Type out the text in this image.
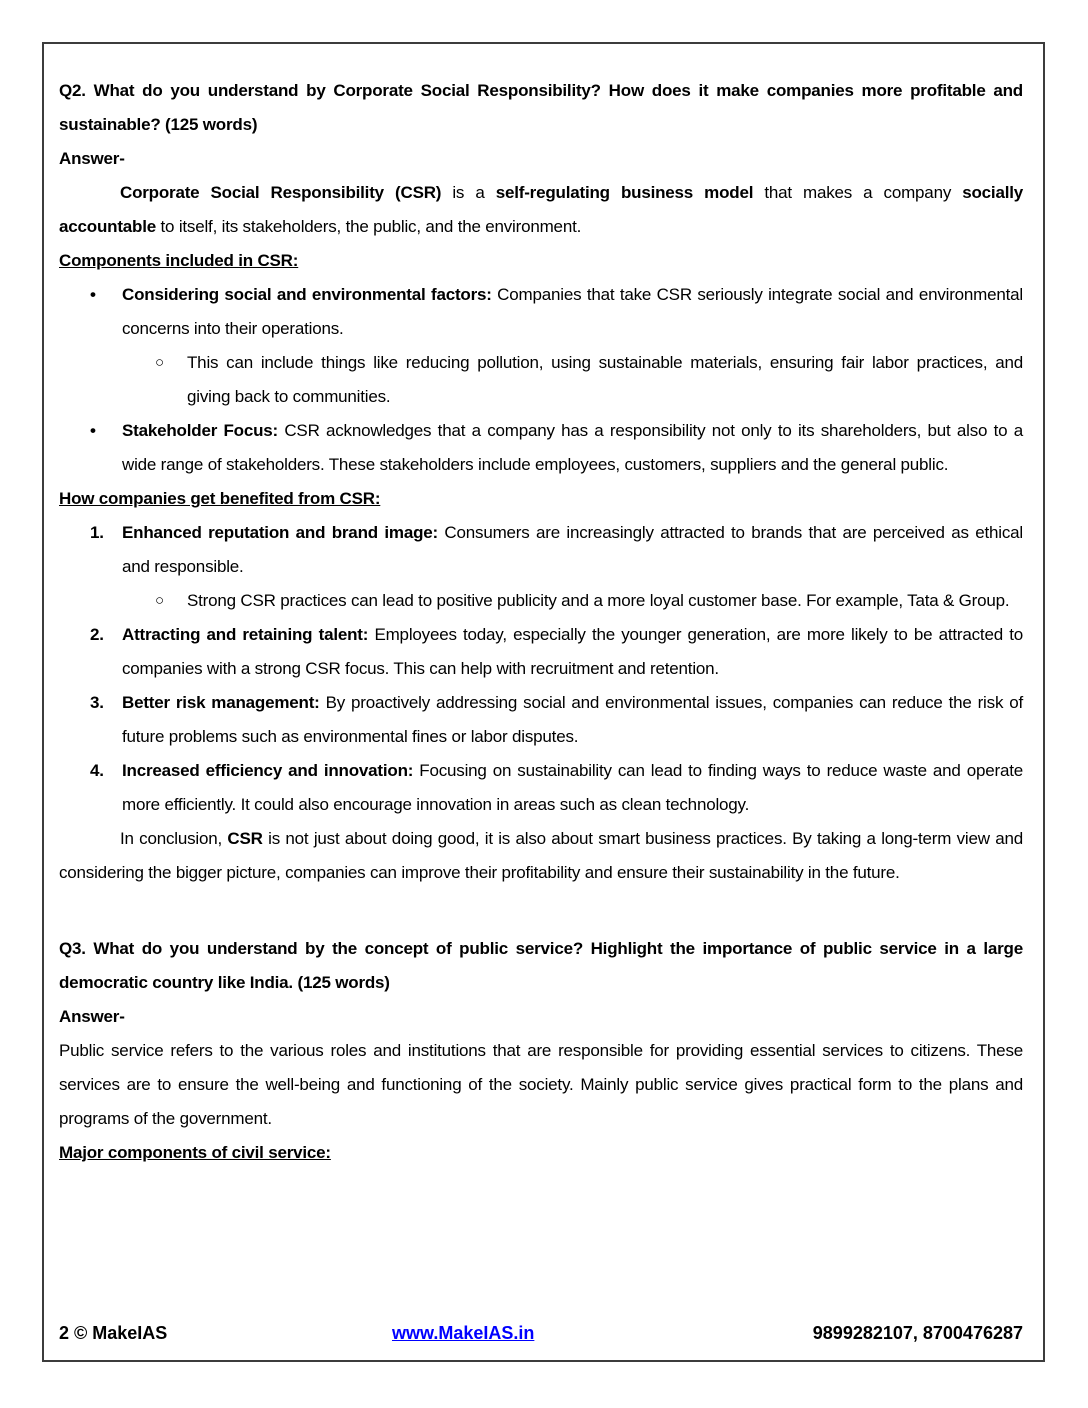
Q2. What do you understand by Corporate Social Responsibility? How does it make companies more profitable and sustainable? (125 words)

Answer-

Corporate Social Responsibility (CSR) is a self-regulating business model that makes a company socially accountable to itself, its stakeholders, the public, and the environment.

Components included in CSR:

• Considering social and environmental factors: Companies that take CSR seriously integrate social and environmental concerns into their operations.
○ This can include things like reducing pollution, using sustainable materials, ensuring fair labor practices, and giving back to communities.
• Stakeholder Focus: CSR acknowledges that a company has a responsibility not only to its shareholders, but also to a wide range of stakeholders. These stakeholders include employees, customers, suppliers and the general public.

How companies get benefited from CSR:

1. Enhanced reputation and brand image: Consumers are increasingly attracted to brands that are perceived as ethical and responsible.
○ Strong CSR practices can lead to positive publicity and a more loyal customer base. For example, Tata & Group.
2. Attracting and retaining talent: Employees today, especially the younger generation, are more likely to be attracted to companies with a strong CSR focus. This can help with recruitment and retention.
3. Better risk management: By proactively addressing social and environmental issues, companies can reduce the risk of future problems such as environmental fines or labor disputes.
4. Increased efficiency and innovation: Focusing on sustainability can lead to finding ways to reduce waste and operate more efficiently. It could also encourage innovation in areas such as clean technology.

In conclusion, CSR is not just about doing good, it is also about smart business practices. By taking a long-term view and considering the bigger picture, companies can improve their profitability and ensure their sustainability in the future.

Q3. What do you understand by the concept of public service? Highlight the importance of public service in a large democratic country like India. (125 words)

Answer-

Public service refers to the various roles and institutions that are responsible for providing essential services to citizens. These services are to ensure the well-being and functioning of the society. Mainly public service gives practical form to the plans and programs of the government.

Major components of civil service:

2 © MakeIAS	www.MakeIAS.in	9899282107, 8700476287
